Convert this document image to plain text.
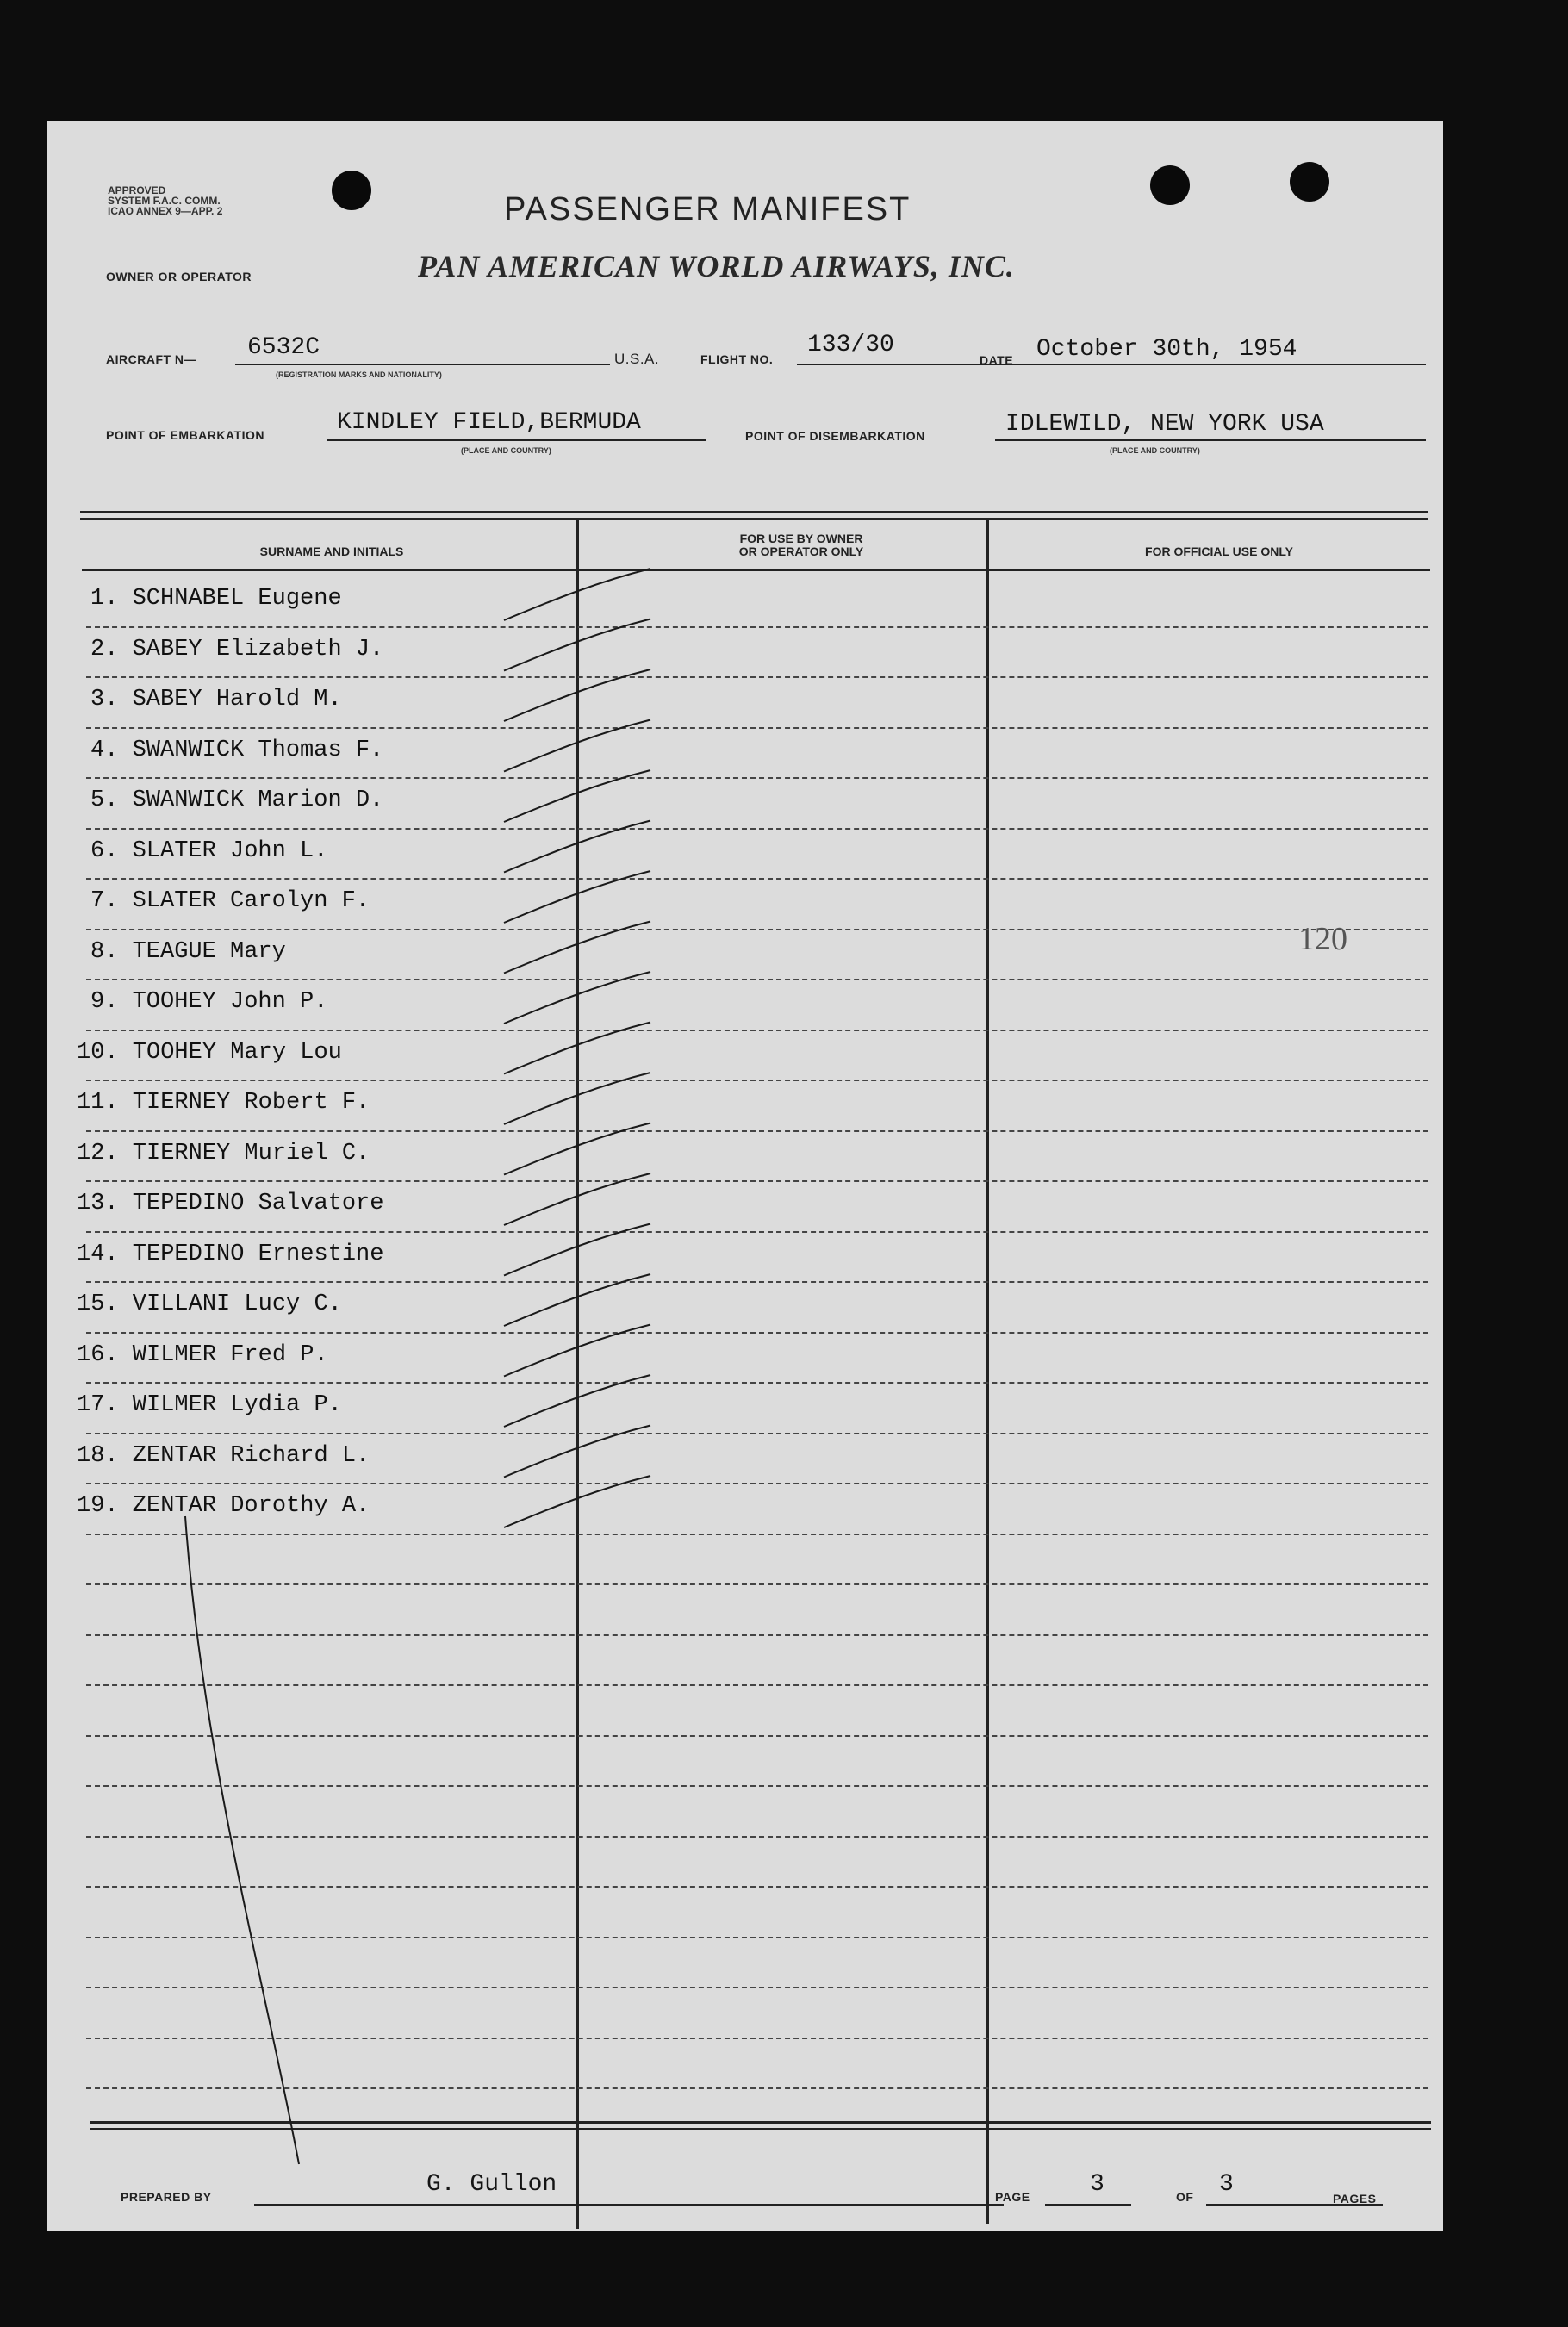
APPROVED
SYSTEM F.A.C. COMM.
ICAO ANNEX 9—APP. 2	PASSENGER MANIFEST
OWNER OR OPERATOR	PAN AMERICAN WORLD AIRWAYS, INC.
AIRCRAFT N— 6532C
(REGISTRATION MARKS AND NATIONALITY)
U.S.A.	FLIGHT NO.
133/30
DATE October 30th, 1954
POINT OF EMBARKATION	KINDLEY FIELD,BERMUDA
(PLACE AND COUNTRY)
POINT OF DISEMBARKATION	IDLEWILD, NEW YORK USA
(PLACE AND COUNTRY)
SURNAME AND INITIALS
FOR USE BY OWNER
OR OPERATOR ONLY	FOR OFFICIAL USE ONLY
1. SCHNABEL Eugene
2. SABEY Elizabeth J.
3. SABEY Harold M.
4. SWANWICK Thomas F.
5. SWANWICK Marion D.
6. SLATER John L.
7. SLATER Carolyn F.
8. TEAGUE Mary
9. TOOHEY John P.
10. TOOHEY Mary Lou
11. TIERNEY Robert F.
12. TIERNEY Muriel C.
13. TEPEDINO Salvatore
14. TEPEDINO Ernestine
15. VILLANI Lucy C.
16. WILMER Fred P.
17. WILMER Lydia P.
18. ZENTAR Richard L.
19. ZENTAR Dorothy A.
120
PREPARED BY	G. Gullon	PAGE 3	OF 3
PAGES
